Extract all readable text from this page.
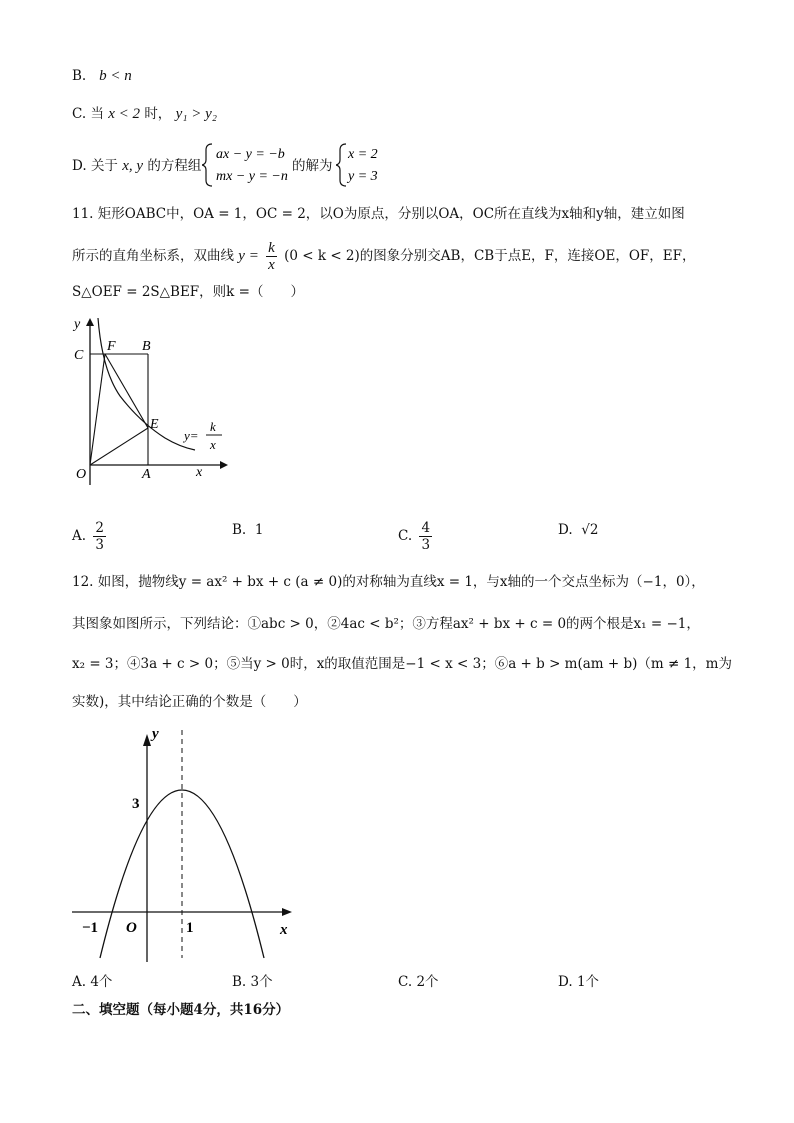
B. b < n
C. 当 x < 2 时， y₁ > y₂
D. 关于 x, y 的方程组
ax − y = −b
mx − y = −n
的解为
x = 2
y = 3
11. 矩形OABC中，OA = 1，OC = 2，以O为原点，分别以OA，OC所在直线为x轴和y轴，建立如图
所示的直角坐标系，双曲线 $y = \frac{k}{x} (0 < k < 2)$的图象分别交AB，CB于点E，F，连接OE，OF，EF，
S△OEF = 2S△BEF，则k =（　　）
y
x
C
F B
E
O	A
y=
k
x
A. $\frac{2}{3}$	B. 1	C. $\frac{4}{3}$	D. √2
12. 如图，抛物线y = ax² + bx + c (a ≠ 0)的对称轴为直线x = 1，与x轴的一个交点坐标为（−1，0），
其图象如图所示，下列结论：①abc > 0，②4ac < b²；③方程ax² + bx + c = 0的两个根是x₁ = −1，
x₂ = 3；④3a + c > 0；⑤当y > 0时，x的取值范围是−1 < x < 3；⑥a + b > m(am + b)（m ≠ 1，m为
实数)，其中结论正确的个数是（　　）
y
x
3
−1 O	1
A. 4个	B. 3个	C. 2个	D. 1个
二、填空题（每小题4分，共16分）
